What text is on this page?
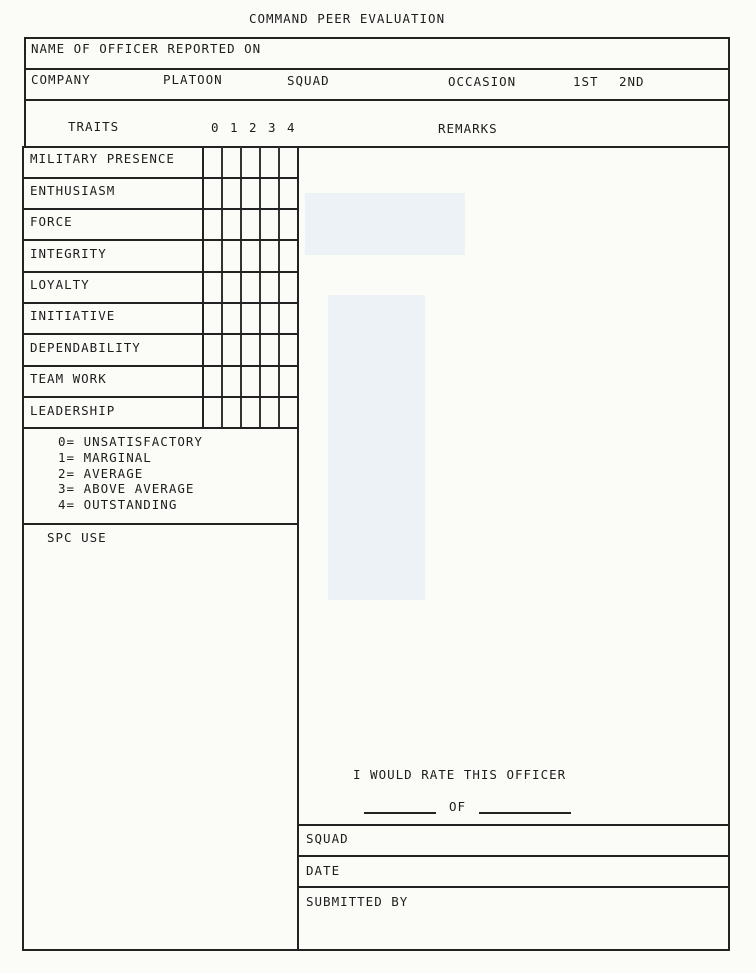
COMMAND PEER EVALUATION
NAME OF OFFICER REPORTED ON
COMPANY	PLATOON	SQUAD	OCCASION	1ST 2ND
TRAITS	0 1 2 3 4	REMARKS
MILITARY PRESENCE
ENTHUSIASM
FORCE
INTEGRITY
LOYALTY
INITIATIVE
DEPENDABILITY
TEAM WORK
LEADERSHIP
0= UNSATISFACTORY
1= MARGINAL
2= AVERAGE
3= ABOVE AVERAGE
4= OUTSTANDING
SPC USE
I WOULD RATE THIS OFFICER
OF
SQUAD
DATE
SUBMITTED BY
